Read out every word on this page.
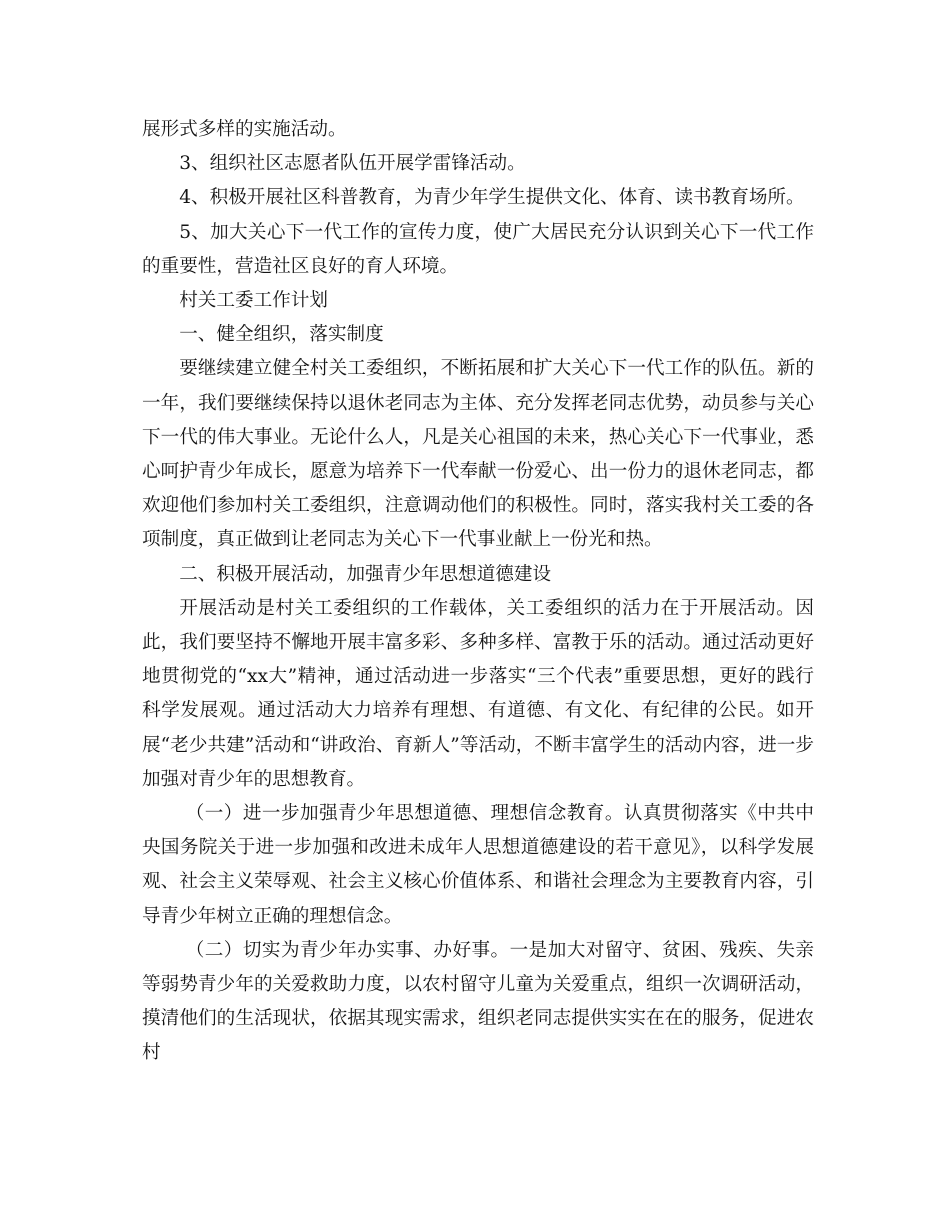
展形式多样的实施活动。

3、组织社区志愿者队伍开展学雷锋活动。

4、积极开展社区科普教育，为青少年学生提供文化、体育、读书教育场所。

5、加大关心下一代工作的宣传力度，使广大居民充分认识到关心下一代工作的重要性，营造社区良好的育人环境。

村关工委工作计划

一、健全组织，落实制度

要继续建立健全村关工委组织，不断拓展和扩大关心下一代工作的队伍。新的一年，我们要继续保持以退休老同志为主体、充分发挥老同志优势，动员参与关心下一代的伟大事业。无论什么人，凡是关心祖国的未来，热心关心下一代事业，悉心呵护青少年成长，愿意为培养下一代奉献一份爱心、出一份力的退休老同志，都欢迎他们参加村关工委组织，注意调动他们的积极性。同时，落实我村关工委的各项制度，真正做到让老同志为关心下一代事业献上一份光和热。

二、积极开展活动，加强青少年思想道德建设

开展活动是村关工委组织的工作载体，关工委组织的活力在于开展活动。因此，我们要坚持不懈地开展丰富多彩、多种多样、富教于乐的活动。通过活动更好地贯彻党的“xx大”精神，通过活动进一步落实“三个代表”重要思想，更好的践行科学发展观。通过活动大力培养有理想、有道德、有文化、有纪律的公民。如开展“老少共建”活动和“讲政治、育新人”等活动，不断丰富学生的活动内容，进一步加强对青少年的思想教育。

（一）进一步加强青少年思想道德、理想信念教育。认真贯彻落实《中共中央国务院关于进一步加强和改进未成年人思想道德建设的若干意见》，以科学发展观、社会主义荣辱观、社会主义核心价值体系、和谐社会理念为主要教育内容，引导青少年树立正确的理想信念。

（二）切实为青少年办实事、办好事。一是加大对留守、贫困、残疾、失亲等弱势青少年的关爱救助力度，以农村留守儿童为关爱重点，组织一次调研活动，摸清他们的生活现状，依据其现实需求，组织老同志提供实实在在的服务，促进农村
